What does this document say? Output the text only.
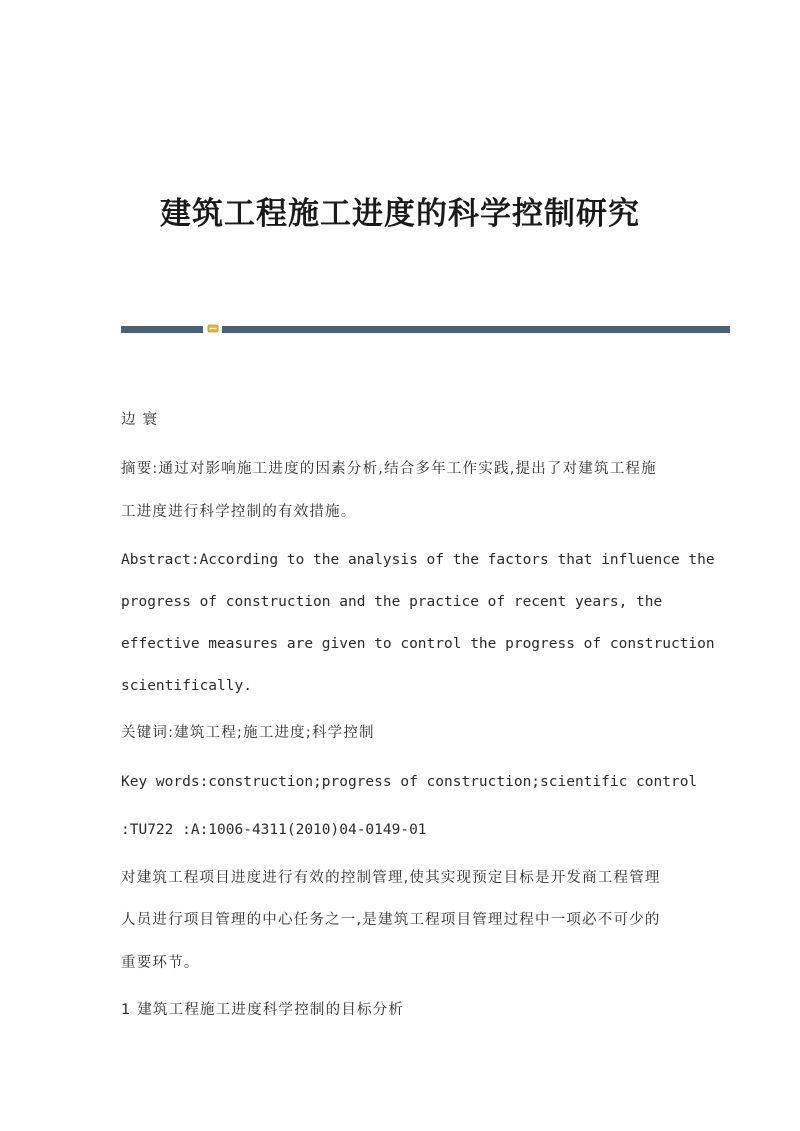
建筑工程施工进度的科学控制研究
边 寰
摘要:通过对影响施工进度的因素分析,结合多年工作实践,提出了对建筑工程施
工进度进行科学控制的有效措施。
Abstract:According to the analysis of the factors that influence the
progress of construction and the practice of recent years, the
effective measures are given to control the progress of construction
scientifically.
关键词:建筑工程;施工进度;科学控制
Key words:construction;progress of construction;scientific control
:TU722 :A:1006-4311(2010)04-0149-01
对建筑工程项目进度进行有效的控制管理,使其实现预定目标是开发商工程管理
人员进行项目管理的中心任务之一,是建筑工程项目管理过程中一项必不可少的
重要环节。
1 建筑工程施工进度科学控制的目标分析
